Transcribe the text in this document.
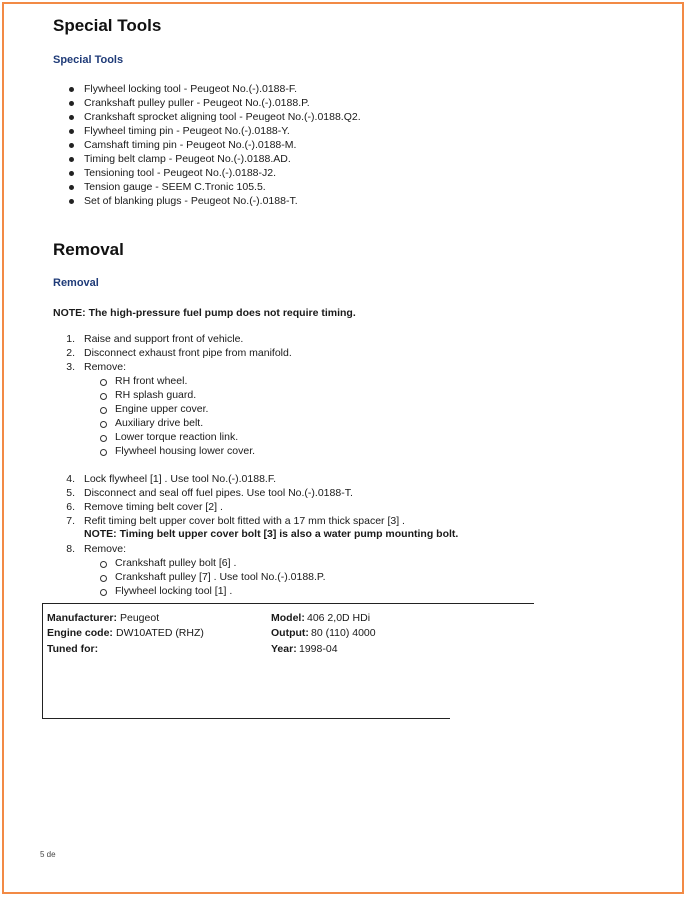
Special Tools
Special Tools
Flywheel locking tool - Peugeot No.(-).0188-F.
Crankshaft pulley puller - Peugeot No.(-).0188.P.
Crankshaft sprocket aligning tool - Peugeot No.(-).0188.Q2.
Flywheel timing pin - Peugeot No.(-).0188-Y.
Camshaft timing pin - Peugeot No.(-).0188-M.
Timing belt clamp - Peugeot No.(-).0188.AD.
Tensioning tool - Peugeot No.(-).0188-J2.
Tension gauge - SEEM C.Tronic 105.5.
Set of blanking plugs - Peugeot No.(-).0188-T.
Removal
Removal
NOTE: The high-pressure fuel pump does not require timing.
1. Raise and support front of vehicle.
2. Disconnect exhaust front pipe from manifold.
3. Remove:
RH front wheel.
RH splash guard.
Engine upper cover.
Auxiliary drive belt.
Lower torque reaction link.
Flywheel housing lower cover.
4. Lock flywheel [1] . Use tool No.(-).0188.F.
5. Disconnect and seal off fuel pipes. Use tool No.(-).0188-T.
6. Remove timing belt cover [2] .
7. Refit timing belt upper cover bolt fitted with a 17 mm thick spacer [3] .
NOTE: Timing belt upper cover bolt [3] is also a water pump mounting bolt.
8. Remove:
Crankshaft pulley bolt [6] .
Crankshaft pulley [7] . Use tool No.(-).0188.P.
Flywheel locking tool [1] .
Manufacturer: Peugeot
Engine code: DW10ATED (RHZ)
Tuned for:
Model: 406 2,0D HDi
Output: 80 (110) 4000
Year: 1998-04
5 de
